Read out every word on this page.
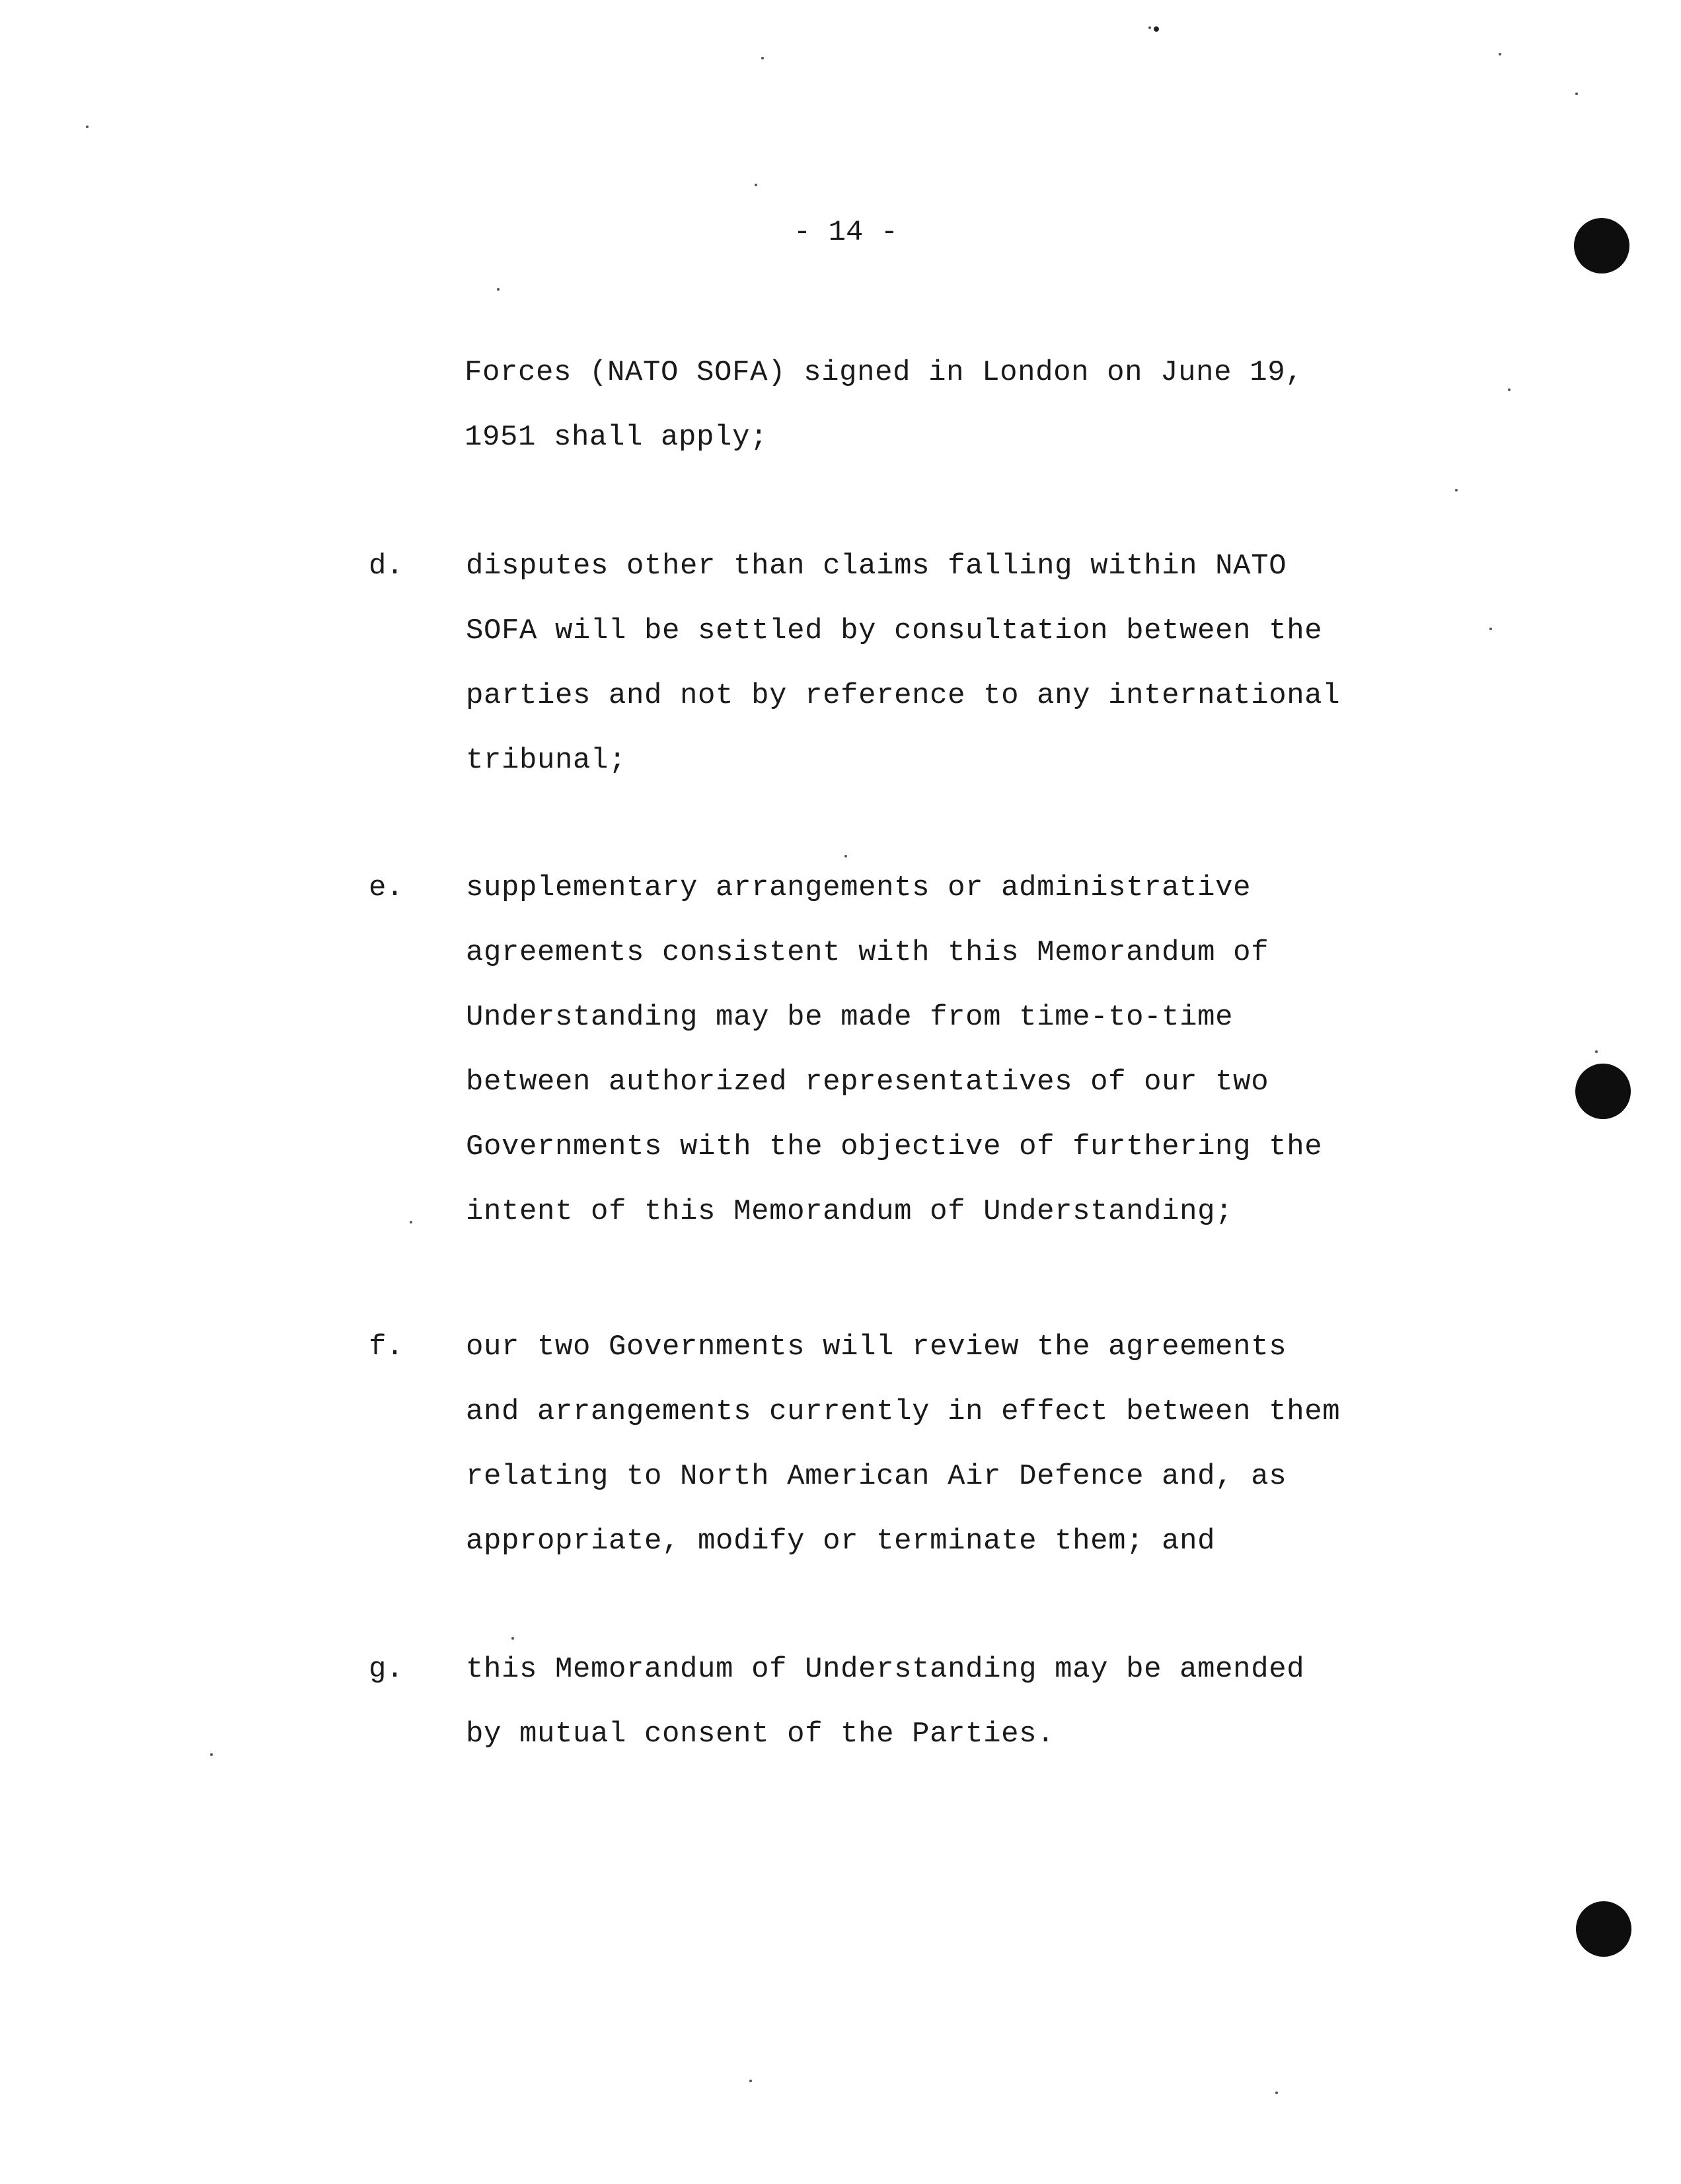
- 14 -
Forces (NATO SOFA) signed in London on June 19,
1951 shall apply;
d. disputes other than claims falling within NATO
SOFA will be settled by consultation between the
parties and not by reference to any international
tribunal;
e. supplementary arrangements or administrative
agreements consistent with this Memorandum of
Understanding may be made from time-to-time
between authorized representatives of our two
Governments with the objective of furthering the
intent of this Memorandum of Understanding;
f. our two Governments will review the agreements
and arrangements currently in effect between them
relating to North American Air Defence and, as
appropriate, modify or terminate them; and
g. this Memorandum of Understanding may be amended
by mutual consent of the Parties.
